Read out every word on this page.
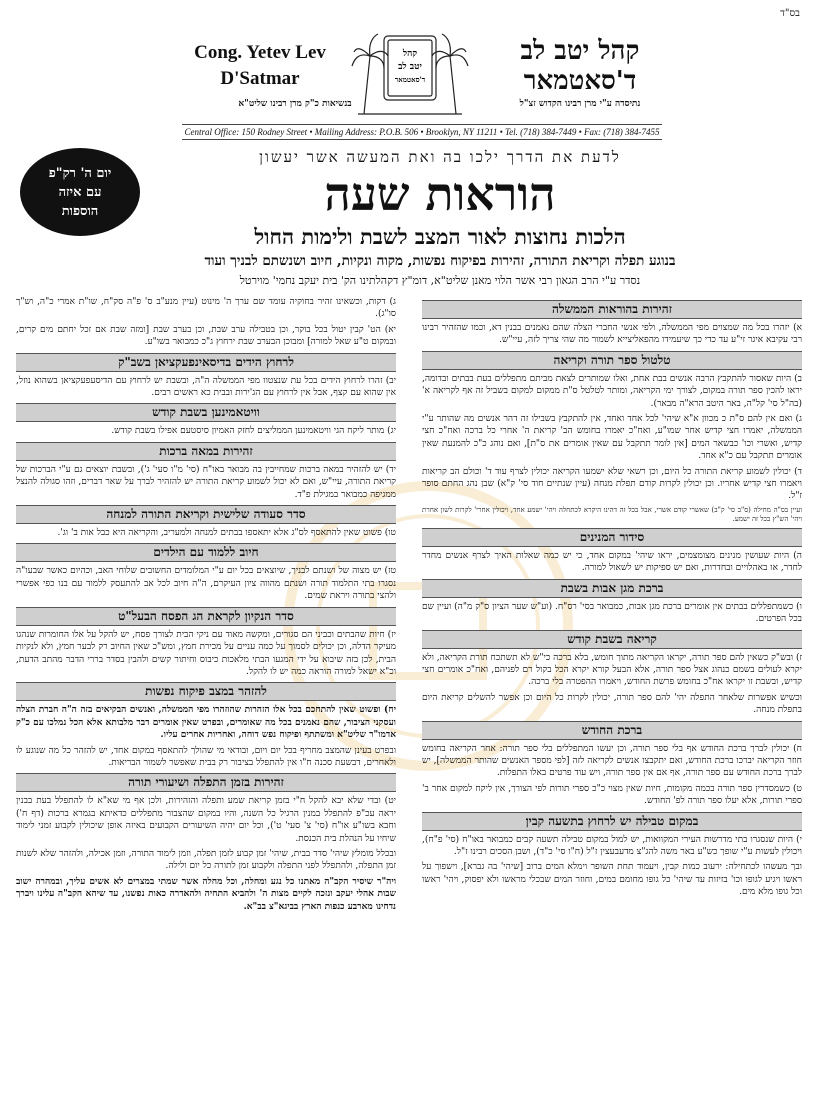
בס"ד
Cong. Yetev Lev
D'Satmar
קהל
יטב לב
ד'סאטמאר
קהל יטב לב
ד'סאטמאר
נתיסדה ע"י מרן רבינו הקדוש זצ"ל
בנשיאות כ"ק מרן רבינו שליט"א
Central Office: 150 Rodney Street • Mailing Address: P.O.B. 506 • Brooklyn, NY 11211 • Tel. (718) 384-7449 • Fax: (718) 384-7455
יום ה' רק"פ
עם איזה
הוספות
לדעת את הדרך ילכו בה ואת המעשה אשר יעשון
הוראות שעה
הלכות נחוצות לאור המצב לשבת ולימות החול
בנוגע תפלה וקריאת התורה, זהירות בפיקוח נפשות, מקוה ונקיות, חיוב ושנשתם לבניך ועוד
נסדר ע"י הרב הגאון רבי אשר הלוי מאנן שליט"א, דומ"ץ דקהלתינו הק' בית יעקב נחמי' מוירטל
זהירות בהוראות הממשלה
א) יזהרו בכל מה שמצוים מפי הממשלה, ולפי אנשי החברי הצלה שהם נאמנים בבנין דא, וכמו שהזהיר רבינו רבי עקיבא איגר זי"ע עד כדי כך שיעמידו מהפאליצייא לשמור מה שהי צריך לזה, עיי"ש.
טלטול ספר תורה וקריאה
ב) היות שאסור להתקבץ הרבה אנשים בבת אחת, ואלו שמותרים לצאת מביתם מתפללים בעת בבתים ובדומה, יראו להכין ספר תורה במקום, לצורך ימי הקריאה, ומותר לטלטל ס"ת ממקום למקום בשביל זה אף לקריאה א' (בה"ל סי' קל"ה, באר היטב הרא"ה מבאר).
ג) ואם אין להם ס"ת כ מכוון א"א שיהי' לכל אחד ואחד, אין להתקבץ בשבילו זה דהר אנשים מה שהותר ע"י הממשלה, יאמרו חצי קדיש אחר שמו"ע, ואח"כ יאמרו בחומש הב' קריאת ה' אחרי כל ברכה ואח"כ חצי קדיש, ואשרי וכו' כבשאר המים [אין לומר תתקבל עם שאין אומרים את ס"ת], ואם נוהג כ"כ להמנעת שאין אומרים תתקבל עם כ"א אחד.
ד) יכולין לשמוע קריאת התורה כל היום, וכן רשאי שלא ישמעו הקריאה יכולין לצרף עוד ד' וכולם הב קריאות ויאמרו חצי קדיש אחריו. וכן יכולין לקרות קודם תפלת מנחה (עיין שנתיים חוד סי' ק"א) שבן נהג החתם סופר ז"ל.
ועיין בס"ה מחילה (ס"ב סי' ק"ב) שאשרי קודם אשרי, אבל בכל זה דהינו היקרא לכתחלה ויהי' ישמע אחד, ויכולין אחרי' לקרות לשון אחרת ויהי' הש"ץ בכל זה ישמע.
סידור המנינים
ה) היות שעושין מנינים מצומצמים, יראו שיהי' במקום אחד, כי יש כמה שאלות האיך לצרף אנשים מחדר לחדר, או באהלויים ובחדרות, ואם יש ספיקות יש לשאול למורה.
ברכת מגן אבות בשבת
ו) כשמתפללים בבתים אין אומרים ברכת מגן אבות, כמבואר בסי' רס"ח. (וע"ש שער הציון ס"ק מ"ה) ועיין שם בכל הפרטים.
קריאה בשבת קודש
ז) ובש"ק כשאין להם ספר תורה, יקראו הקריאה מתוך חומש, בלא ברכה כי"ש לא תשתכח תורת הקריאה, ולא יקרא לעולים בשמם כנהוג אצל ספר תורה, אלא הבעל קורא יקרא הכל בקול רם לפניהם, ואח"כ אומרים חצי קדיש, ובשבת זו יקראו אח"כ בחומש פרשת החודש, ויאמרו ההפטרה בלי ברכה.
וכשיש אפשרות שלאחר התפלה יהי' להם ספר תורה, יכולין לקרות כל היום וכן אפשר להשלים קריאת היום בתפלת מנחה.
ברכת החודש
ח) יכולין לברך ברכת החודש אף בלי ספר תורה, וכן יעשו המתפללים בלי ספר תורה: אחר הקריאה בחומש חוזר הקריאה יברכו ברכת החודש, ואם יתקבצו אנשים לקריאה לזה [לפי מספר האנשים שהותר הממשלה], יש לברך ברכת החודש עם ספר תורה, אף אם אין ספר תורה, ויש עוד פרטים באלו התפלות.
ט) כשמסדרין ספר תורה בכמה מקומות, חיות שאין מצוי כ"כ ספרי תורות לפי הצורך, אין ליקח למקום אחר ב' ספרי תורות, אלא יעלו ספר תורה לפ' החודש.
במקום טבילה יש לרחוץ בתשעה קבין
י) היות שנסגרו בתי מדרשות העירי המקוואות, יש למול במקום טבילה תשעה קבים כמבואר באו"ח (סי' פ"ח), ויכולין לעשות ע"י שופך כש"ע באר משה להג"צ מדעבעצין ז"ל (ח"ו סי' כ"ד), ושבן הסכים רבינו ז"ל.
ובך מעשהו לכתחילה: ירעוב כמות קבין, ויעמוד תחת השופר וימלא המים ברוב [שיהי' בה גברא], וישפוך על ראשו ויגיע לגופו וכו' בזיזות עד שיהי' כל גופו מחומם במים, וחוזר המים שבכלי מראשו ולא יפסוק, ויהי' ראשו וכל גופו מלא מים.
ג) דקות, וכשאינו זהיר בחוקיה עומד שם ערך ה' מינוט (עיין מנע"ב ס' פ"ה סק"ח, שו"ת אמרי כ"ה, וש"ך סו"ג).
יא) הט' קבין יטול בכל בוקר, וכן בטבילה ערב שבת, וכן בערב שבת [ומזה שבת אם זכל יחתם מים קרים, ובמקום ט"ע שאל למורה] ומבוכן הבערב שבת ירחוץ ג"כ כמבואר בשו"ע.
לרחוץ הידים בדיסאינפעקציאן בשב"ק
יב) זהרו לרחוץ הידים בכל עת שנצטוו מפי הממשלה ה"ה, ובשבת יש לרחוץ עם הדיסעפעקציאן בשהוא נוזל, אין שהוא עם קצף, אבל אין לרחוץ עם הג'ירות ובבית כא ראשים רבים.
וויטאמינען בשבת קודש
יג) מותר ליקח הגי וויטאמינען הממליצים לחזק האמיון סיסטעם אפילו בשבת קודש.
זהירות במאה ברכות
יד) יש להזהיר במאה ברכות שמחייבין בה מבואר באו"ח (סי' מ"ו סעי' ג'), ובשבת יוצאים גם ע"י הברכות של קריאת התורה, עיי"ש, ואם לא יכול לשמוע קריאת התורה יש להזהיר לברך על שאר דברים, וזהו סגולה להנצל ממגיפה כמבואר במגילת פ"ד.
סדר סעודה שלישית וקריאת התורה למנחה
טו) פשוט שאין להתאסף לס"ג אלא יתאספו בבתים למנחה ולמעריב, והקריאה היא כבל אות ב' וג'.
חיוב ללמוד עם הילדים
טז) יש מצוה של ושנתם לבניך, שיוצאים בכל יום ע"י המלומדים החשובים שלוחי האב, וכהיום כאשר שבעו"ה נסגרו בתי התלמוד תורה ושנתם מהווה ציון העיקרם, ה"ה חיוב לכל אב להתעסק ללמוד עם בנו כפי אפשרי ולהצי בתורה ויראת שמים.
סדר הנקיון לקראת הג הפסח הבעל"ט
יז) חיות שהבתים וכביני הם סגורים, ומקשה מאוד עם ניקי הבית לצורך פסח, יש להקל על אלו החומרות שנהגו מעיקר הדלה, וכן יכולים לסמוך על כמה עניים על מכירת חמץ, ומש"כ שאין החיוב רק לבער חמץ, ולא לנקיות הבית, לכן בזה שיבוא על ידי המגעו הבתי מלאכות כיבוס וחיתור קשים ולהבין בסדר בררי הדבר מהתב הדעת, וכ"א ישאל למורה הוראה כמה יש לו להקל.
להזהר במצב פיקוח נפשות
יח) ופשוט שאין להתחכם בכל אלו הזהרות שהוזהרו מפי הממשלה, ואנשים הבקיאים בזה ה"ה חברת הצלה ועסקני הציבור, שהם נאמנים בכל מה שאומרים, ובפרט שאין אומרים דבר מלבותא אלא הכל נמלכו עם כ"ק אדמו"ר שליט"א ומשתתף ופיקוח נפש דוחה, ואחריות אחרים עליו.
ובפרט בעינן שהמצב מחריף בכל יום ויום, ובודאי מי שהולך להתאסף במקום אחד, יש להזהר כל מה שנוגע לו ולאחרים, דבשעת סכנה ח"ו אין להתפלל בציבור רק בבית שאפשר לשמור הבריאות.
זהירות בזמן התפלה ושיעורי תורה
יט) ובדי שלא יבא להקל ח"י בזמן קריאת שמע ותפלה והזהירות, ולכן אף מי שא"א לו להתפלל בעת בבנין יראה עכ"פ להתפלל במנין הרגיל כל השנה, והיו במקום שהצבור מתפללים כדאיתא בגמרא ברכות (דף ח') וחבא בשו"ע או"ח (סי' צ' סעי' ט'), וכל יום יהיה השיעורים הקבועים באיזה אופן שיכולין לקבוע זמני לימוד שיחיו על הנהלת בית הכנסת.
ובכלל מומלץ שיהי' סדר בבית, שיהי' זמן קבוע לזמן תפלה, וזמן לימוד התורה, וזמן אכילה, ולהזהר שלא לשנות זמן התפלה, ולהתפלל לפני התפלה ולקבוע זמן לתורה כל יום ולילה.
ויה"ר שיסיר הקב"ה מאתנו כל נגע ומחלה, וכל מחלה אשר שמתי במצרים לא אשים עליך, ובמהרה ישוב שבות אהלי יעקב ונזכה לקיים מצות ה' ולהביא התחיה ולהאדרה כאות נפשנו, עד שיהא הקב"ה עלינו ויברך נדחינו מארבע כנפות הארץ בביגא"צ בב"א.
